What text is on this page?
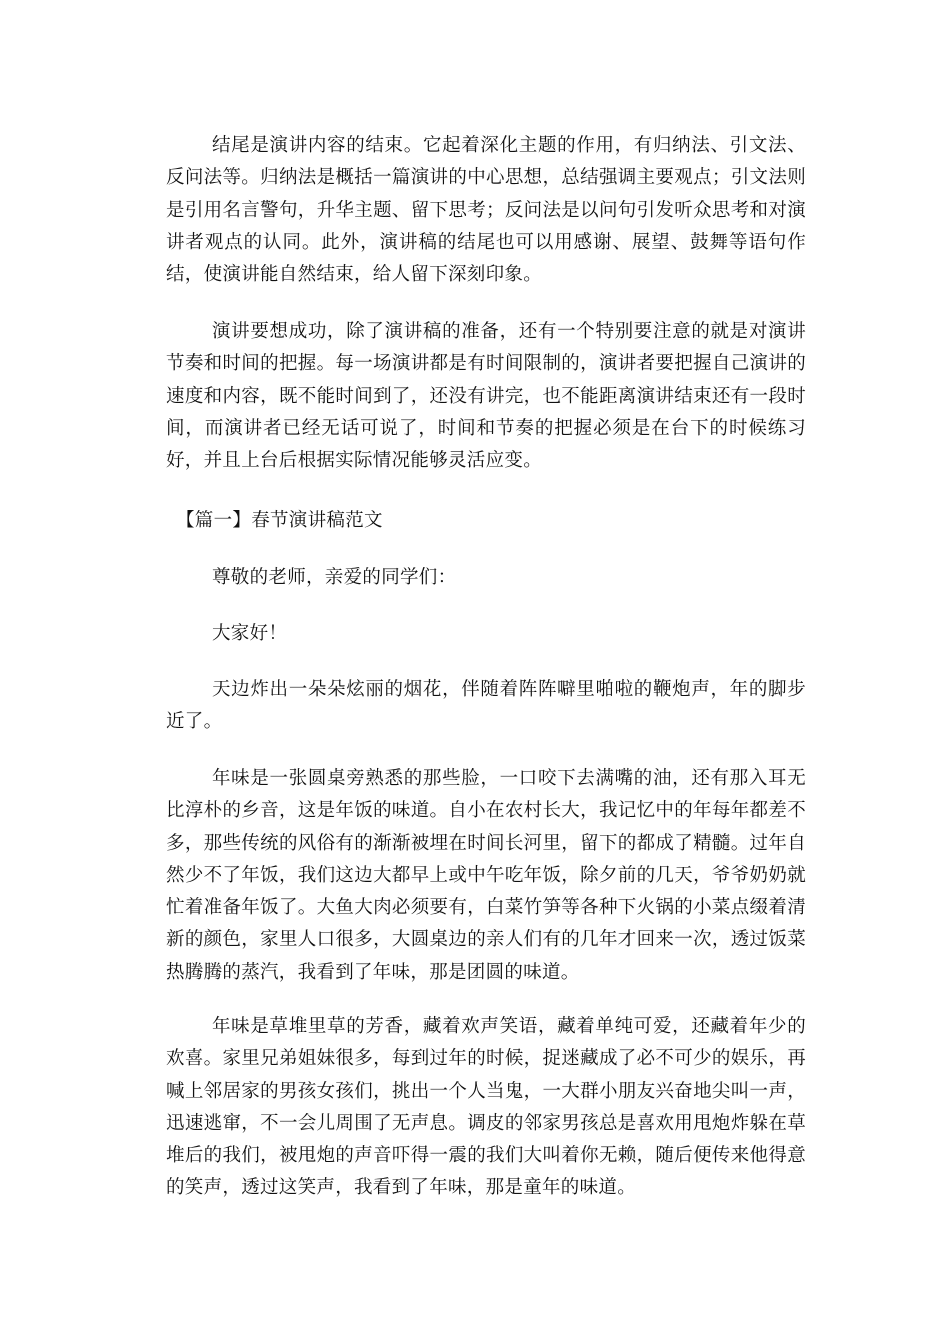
结尾是演讲内容的结束。它起着深化主题的作用，有归纳法、引文法、反问法等。归纳法是概括一篇演讲的中心思想，总结强调主要观点；引文法则是引用名言警句，升华主题、留下思考；反问法是以问句引发听众思考和对演讲者观点的认同。此外，演讲稿的结尾也可以用感谢、展望、鼓舞等语句作结，使演讲能自然结束，给人留下深刻印象。

演讲要想成功，除了演讲稿的准备，还有一个特别要注意的就是对演讲节奏和时间的把握。每一场演讲都是有时间限制的，演讲者要把握自己演讲的速度和内容，既不能时间到了，还没有讲完，也不能距离演讲结束还有一段时间，而演讲者已经无话可说了，时间和节奏的把握必须是在台下的时候练习好，并且上台后根据实际情况能够灵活应变。

【篇一】春节演讲稿范文

尊敬的老师，亲爱的同学们：

大家好！

天边炸出一朵朵炫丽的烟花，伴随着阵阵噼里啪啦的鞭炮声，年的脚步近了。

年味是一张圆桌旁熟悉的那些脸，一口咬下去满嘴的油，还有那入耳无比淳朴的乡音，这是年饭的味道。自小在农村长大，我记忆中的年每年都差不多，那些传统的风俗有的渐渐被埋在时间长河里，留下的都成了精髓。过年自然少不了年饭，我们这边大都早上或中午吃年饭，除夕前的几天，爷爷奶奶就忙着准备年饭了。大鱼大肉必须要有，白菜竹笋等各种下火锅的小菜点缀着清新的颜色，家里人口很多，大圆桌边的亲人们有的几年才回来一次，透过饭菜热腾腾的蒸汽，我看到了年味，那是团圆的味道。

年味是草堆里草的芳香，藏着欢声笑语，藏着单纯可爱，还藏着年少的欢喜。家里兄弟姐妹很多，每到过年的时候，捉迷藏成了必不可少的娱乐，再喊上邻居家的男孩女孩们，挑出一个人当鬼，一大群小朋友兴奋地尖叫一声，迅速逃窜，不一会儿周围了无声息。调皮的邻家男孩总是喜欢用甩炮炸躲在草堆后的我们，被甩炮的声音吓得一震的我们大叫着你无赖，随后便传来他得意的笑声，透过这笑声，我看到了年味，那是童年的味道。
